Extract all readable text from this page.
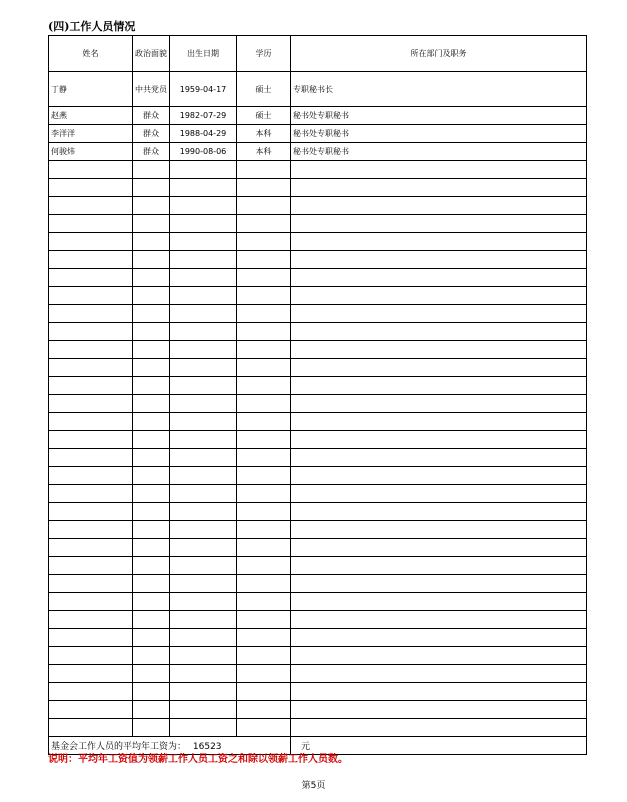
(四)工作人员情况
姓名	政治面貌	出生日期	学历	所在部门及职务
丁静	中共党员	1959-04-17	硕士	专职秘书长
赵燕	群众	1982-07-29	硕士	秘书处专职秘书
李洋洋	群众	1988-04-29	本科	秘书处专职秘书
何骏炜	群众	1990-08-06	本科	秘书处专职秘书

基金会工作人员的平均年工资为： 16523				元
说明：平均年工资值为领薪工作人员工资之和除以领薪工作人员数。
第5页
